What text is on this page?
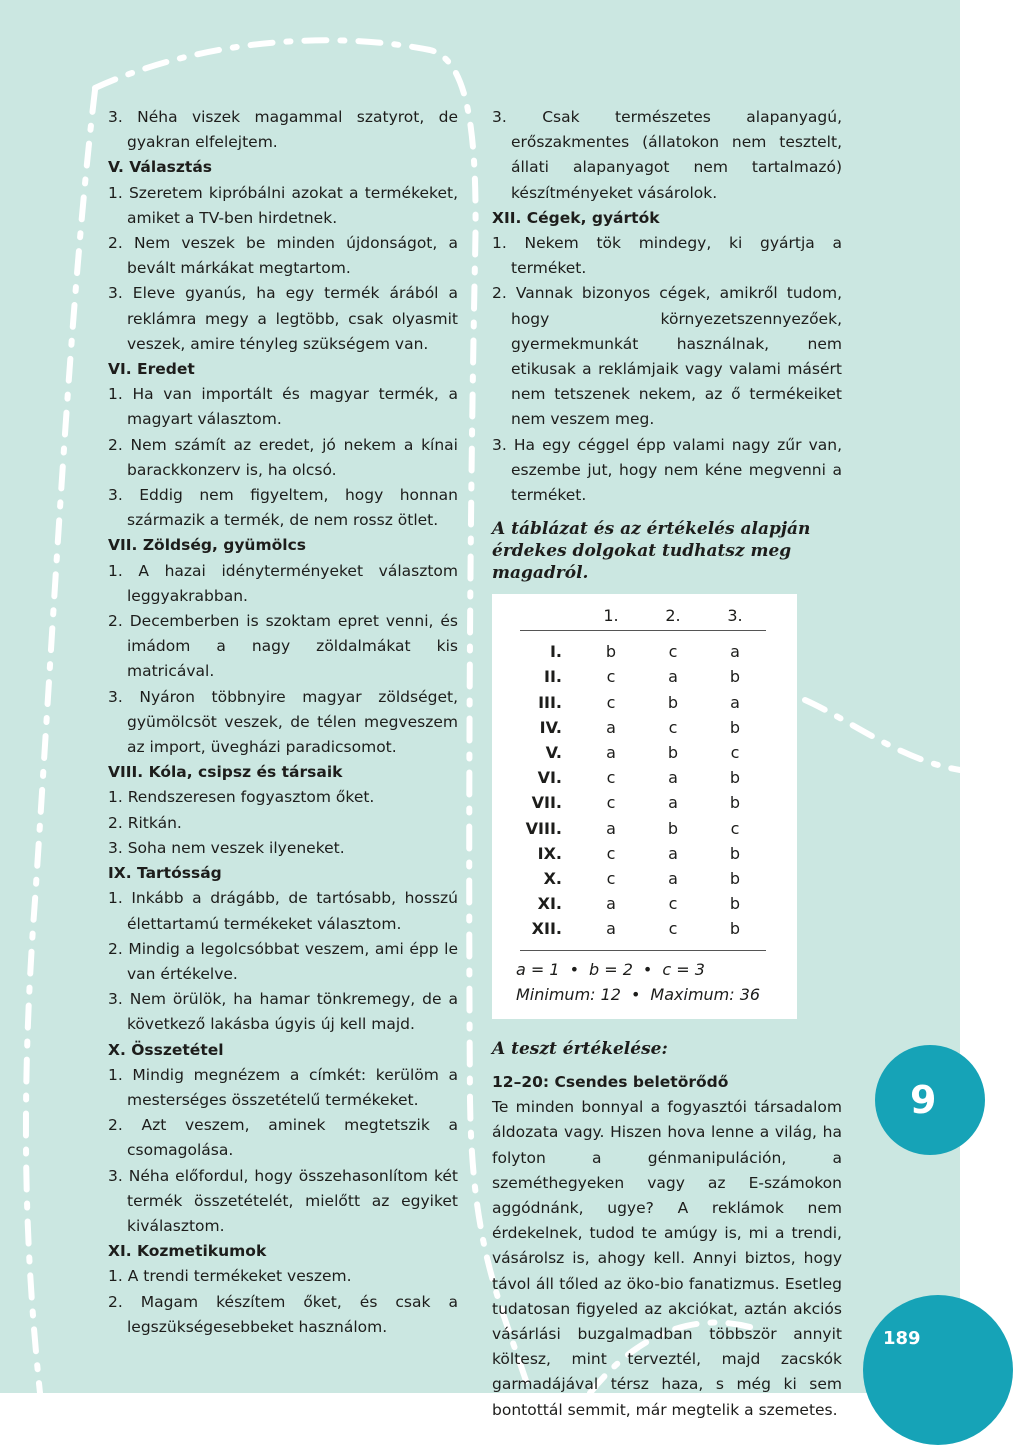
3. Néha viszek magammal szatyrot, de gyakran elfelejtem.
V. Választás
1. Szeretem kipróbálni azokat a termékeket, amiket a TV-ben hirdetnek.
2. Nem veszek be minden újdonságot, a bevált márkákat megtartom.
3. Eleve gyanús, ha egy termék árából a reklámra megy a legtöbb, csak olyasmit veszek, amire tényleg szükségem van.
VI. Eredet
1. Ha van importált és magyar termék, a magyart választom.
2. Nem számít az eredet, jó nekem a kínai barackkonzerv is, ha olcsó.
3. Eddig nem figyeltem, hogy honnan származik a termék, de nem rossz ötlet.
VII. Zöldség, gyümölcs
1. A hazai idényterményeket választom leggyakrabban.
2. Decemberben is szoktam epret venni, és imádom a nagy zöldalmákat kis matricával.
3. Nyáron többnyire magyar zöldséget, gyümölcsöt veszek, de télen megveszem az import, üvegházi paradicsomot.
VIII. Kóla, csipsz és társaik
1. Rendszeresen fogyasztom őket.
2. Ritkán.
3. Soha nem veszek ilyeneket.
IX. Tartósság
1. Inkább a drágább, de tartósabb, hosszú élettartamú termékeket választom.
2. Mindig a legolcsóbbat veszem, ami épp le van értékelve.
3. Nem örülök, ha hamar tönkremegy, de a következő lakásba úgyis új kell majd.
X. Összetétel
1. Mindig megnézem a címkét: kerülöm a mesterséges összetételű termékeket.
2. Azt veszem, aminek megtetszik a csomagolása.
3. Néha előfordul, hogy összehasonlítom két termék összetételét, mielőtt az egyiket kiválasztom.
XI. Kozmetikumok
1. A trendi termékeket veszem.
2. Magam készítem őket, és csak a legszükségesebbeket használom.
3. Csak természetes alapanyagú, erőszakmentes (állatokon nem tesztelt, állati alapanyagot nem tartalmazó) készítményeket vásárolok.
XII. Cégek, gyártók
1. Nekem tök mindegy, ki gyártja a terméket.
2. Vannak bizonyos cégek, amikről tudom, hogy környezetszennyezőek, gyermekmunkát használnak, nem etikusak a reklámjaik vagy valami másért nem tetszenek nekem, az ő termékeiket nem veszem meg.
3. Ha egy céggel épp valami nagy zűr van, eszembe jut, hogy nem kéne megvenni a terméket.
A táblázat és az értékelés alapján érdekes dolgokat tudhatsz meg magadról.
	1.	2.	3.

I.	b	c	a
II.	c	a	b
III.	c	b	a
IV.	a	c	b
V.	a	b	c
VI.	c	a	b
VII.	c	a	b
VIII.	a	b	c
IX.	c	a	b
X.	c	a	b
XI.	a	c	b
XII.	a	c	b
a = 1 • b = 2 • c = 3
Minimum: 12 • Maximum: 36
A teszt értékelése:
12–20: Csendes beletörődő
Te minden bonnyal a fogyasztói társadalom áldozata vagy. Hiszen hova lenne a világ, ha folyton a génmanipuláción, a szeméthegyeken vagy az E-számokon aggódnánk, ugye? A reklámok nem érdekelnek, tudod te amúgy is, mi a trendi, vásárolsz is, ahogy kell. Annyi biztos, hogy távol áll tőled az öko-bio fanatizmus. Esetleg tudatosan figyeled az akciókat, aztán akciós vásárlási buzgalmadban többször annyit költesz, mint terveztél, majd zacskók garmadájával térsz haza, s még ki sem bontottál semmit, már megtelik a szemetes.
9
189
